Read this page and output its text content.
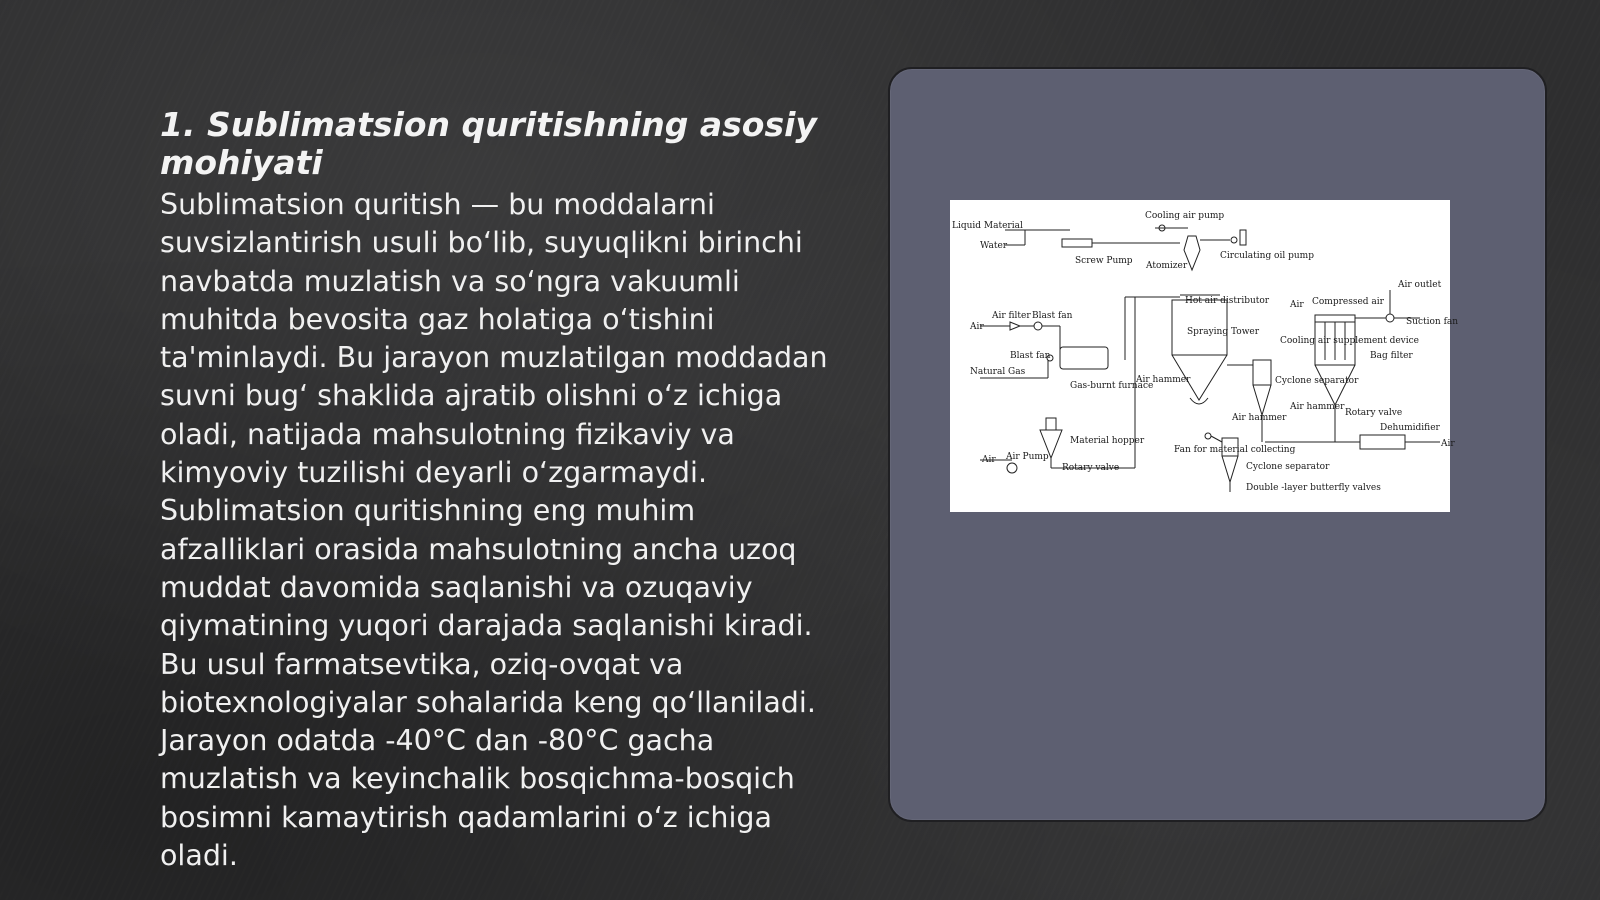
1. Sublimatsion quritishning asosiy mohiyati

Sublimatsion quritish — bu moddalarni suvsizlantirish usuli bo‘lib, suyuqlikni birinchi navbatda muzlatish va so‘ngra vakuumli muhitda bevosita gaz holatiga o‘tishini ta'minlaydi. Bu jarayon muzlatilgan moddadan suvni bug‘ shaklida ajratib olishni o‘z ichiga oladi, natijada mahsulotning fizikaviy va kimyoviy tuzilishi deyarli o‘zgarmaydi. Sublimatsion quritishning eng muhim afzalliklari orasida mahsulotning ancha uzoq muddat davomida saqlanishi va ozuqaviy qiymatining yuqori darajada saqlanishi kiradi. Bu usul farmatsevtika, oziq-ovqat va biotexnologiyalar sohalarida keng qo‘llaniladi. Jarayon odatda -40°C dan -80°C gacha muzlatish va keyinchalik bosqichma-bosqich bosimni kamaytirish qadamlarini o‘z ichiga oladi.

Liquid Material
Water
Cooling air pump
Screw Pump Atomizer
Circulating oil pump
Air outlet
Hot air distributor Air Compressed air
Suction fan
Air filter Blast fan
Air	Spraying Tower
Cooling air supplement device
Bag filter
Blast fan
Natural Gas
Gas-burnt furnace
Air hammer	Cyclone separator
Air hammer
Air hammer
Rotary valve
Dehumidifier
Material hopper
Fan for material collecting
Air Air Pump
Rotary valve	Cyclone separator
Double -layer butterfly valves
Air
